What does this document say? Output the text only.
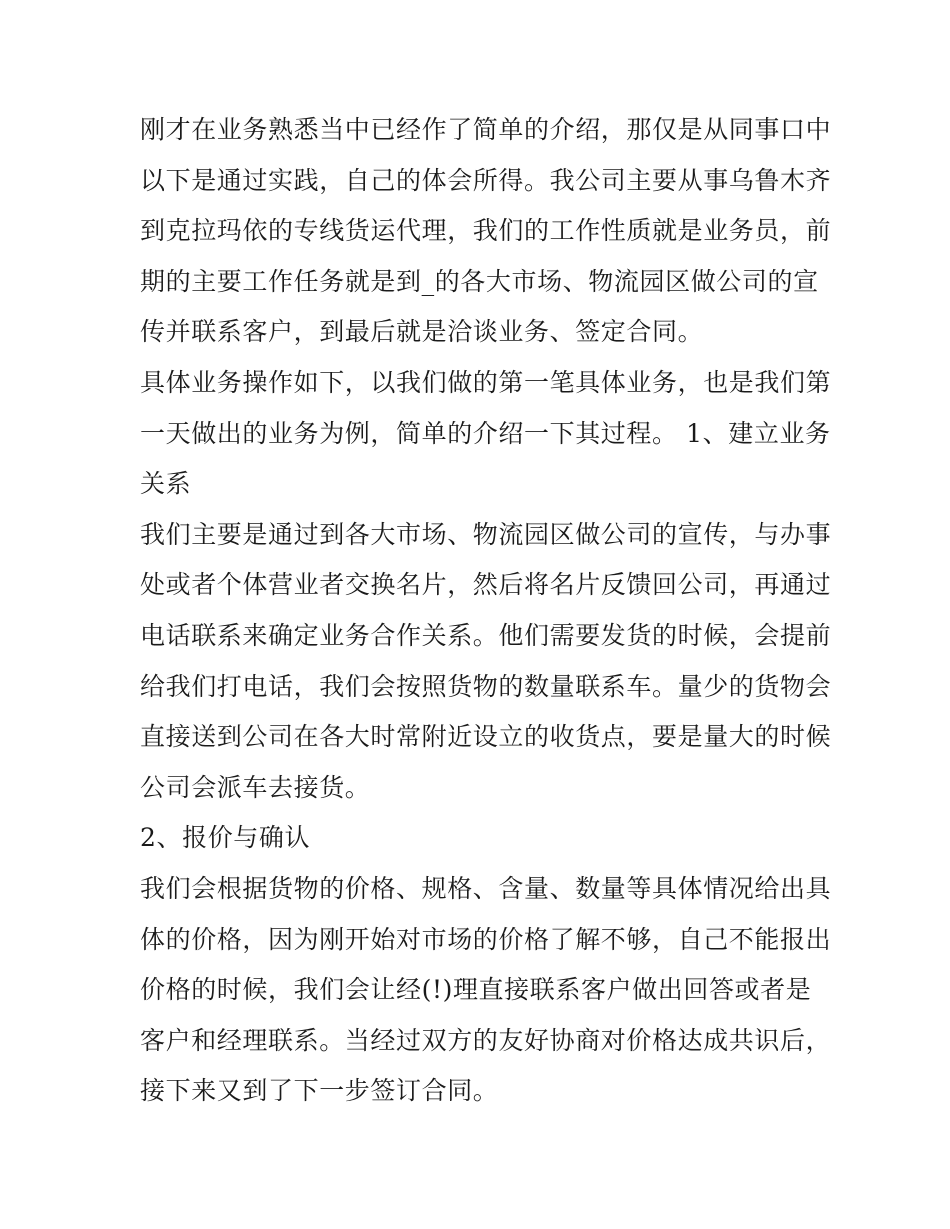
刚才在业务熟悉当中已经作了简单的介绍，那仅是从同事口中
以下是通过实践，自己的体会所得。我公司主要从事乌鲁木齐
到克拉玛依的专线货运代理，我们的工作性质就是业务员，前
期的主要工作任务就是到_的各大市场、物流园区做公司的宣
传并联系客户，到最后就是洽谈业务、签定合同。
具体业务操作如下，以我们做的第一笔具体业务，也是我们第
一天做出的业务为例，简单的介绍一下其过程。 1、建立业务
关系
我们主要是通过到各大市场、物流园区做公司的宣传，与办事
处或者个体营业者交换名片，然后将名片反馈回公司，再通过
电话联系来确定业务合作关系。他们需要发货的时候，会提前
给我们打电话，我们会按照货物的数量联系车。量少的货物会
直接送到公司在各大时常附近设立的收货点，要是量大的时候
公司会派车去接货。
2、报价与确认
我们会根据货物的价格、规格、含量、数量等具体情况给出具
体的价格，因为刚开始对市场的价格了解不够，自己不能报出
价格的时候，我们会让经(!)理直接联系客户做出回答或者是
客户和经理联系。当经过双方的友好协商对价格达成共识后，
接下来又到了下一步签订合同。
